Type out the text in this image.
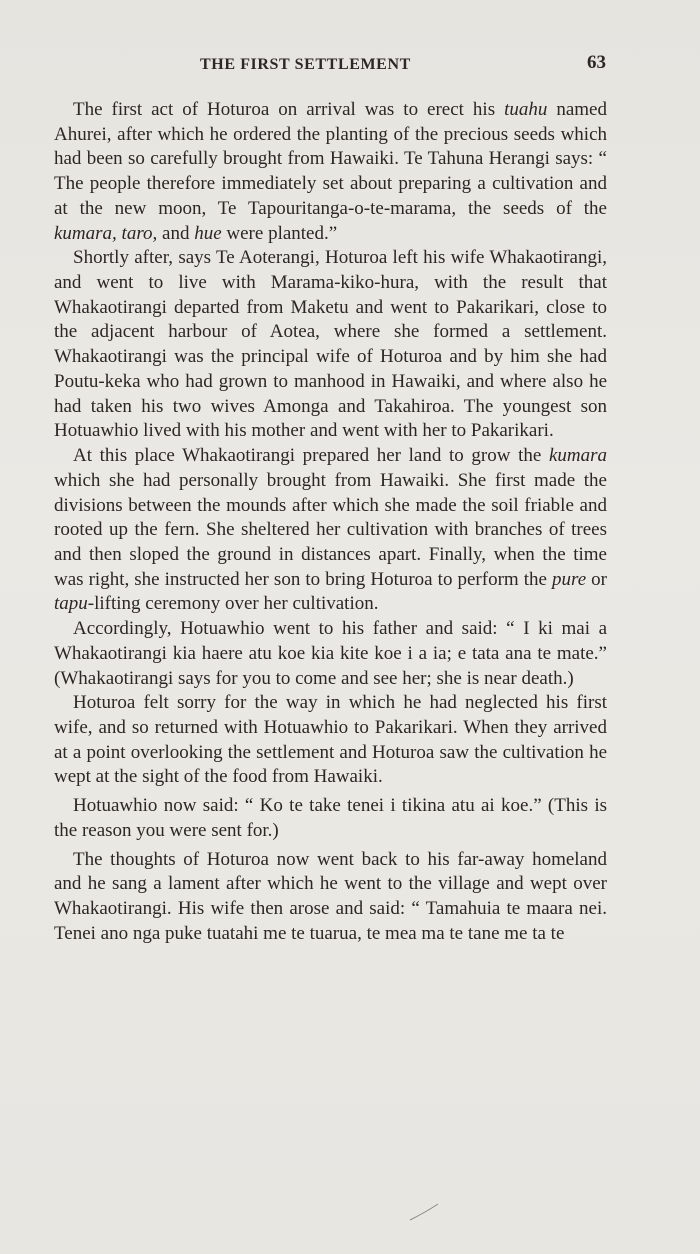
THE FIRST SETTLEMENT	63

The first act of Hoturoa on arrival was to erect his tuahu named Ahurei, after which he ordered the planting of the precious seeds which had been so carefully brought from Hawaiki. Te Tahuna Herangi says: “ The people therefore immediately set about preparing a cultivation and at the new moon, Te Tapouritanga-o-te-marama, the seeds of the kumara, taro, and hue were planted.”

Shortly after, says Te Aoterangi, Hoturoa left his wife Whakaotirangi, and went to live with Marama-kiko-hura, with the result that Whakaotirangi departed from Maketu and went to Pakarikari, close to the adjacent harbour of Aotea, where she formed a settlement. Whakaotirangi was the principal wife of Hoturoa and by him she had Poutu-keka who had grown to manhood in Hawaiki, and where also he had taken his two wives Amonga and Takahiroa. The youngest son Hotuawhio lived with his mother and went with her to Pakarikari.

At this place Whakaotirangi prepared her land to grow the kumara which she had personally brought from Hawaiki. She first made the divisions between the mounds after which she made the soil friable and rooted up the fern. She sheltered her cultivation with branches of trees and then sloped the ground in distances apart. Finally, when the time was right, she instructed her son to bring Hoturoa to perform the pure or tapu-lifting ceremony over her cultivation.

Accordingly, Hotuawhio went to his father and said: “ I ki mai a Whakaotirangi kia haere atu koe kia kite koe i a ia; e tata ana te mate.” (Whakaotirangi says for you to come and see her; she is near death.)

Hoturoa felt sorry for the way in which he had neglected his first wife, and so returned with Hotuawhio to Pakarikari. When they arrived at a point overlooking the settlement and Hoturoa saw the cultivation he wept at the sight of the food from Hawaiki.

Hotuawhio now said: “ Ko te take tenei i tikina atu ai koe.” (This is the reason you were sent for.)

The thoughts of Hoturoa now went back to his far-away homeland and he sang a lament after which he went to the village and wept over Whakaotirangi. His wife then arose and said: “ Tamahuia te maara nei. Tenei ano nga puke tuatahi me te tuarua, te mea ma te tane me ta te
